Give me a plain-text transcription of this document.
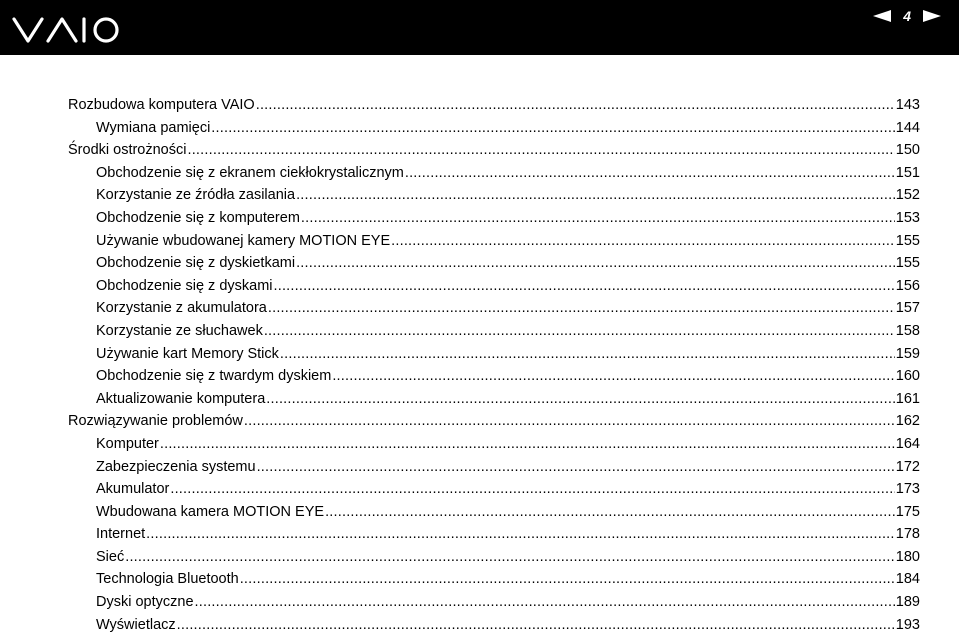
4
Rozbudowa komputera VAIO .....	143
Wymiana pamięci .....	144
Środki ostrożności .....	150
Obchodzenie się z ekranem ciekłokrystalicznym .....	151
Korzystanie ze źródła zasilania .....	152
Obchodzenie się z komputerem .....	153
Używanie wbudowanej kamery MOTION EYE .....	155
Obchodzenie się z dyskietkami .....	155
Obchodzenie się z dyskami .....	156
Korzystanie z akumulatora .....	157
Korzystanie ze słuchawek .....	158
Używanie kart Memory Stick .....	159
Obchodzenie się z twardym dyskiem .....	160
Aktualizowanie komputera .....	161
Rozwiązywanie problemów .....	162
Komputer .....	164
Zabezpieczenia systemu .....	172
Akumulator .....	173
Wbudowana kamera MOTION EYE .....	175
Internet .....	178
Sieć .....	180
Technologia Bluetooth .....	184
Dyski optyczne .....	189
Wyświetlacz .....	193
